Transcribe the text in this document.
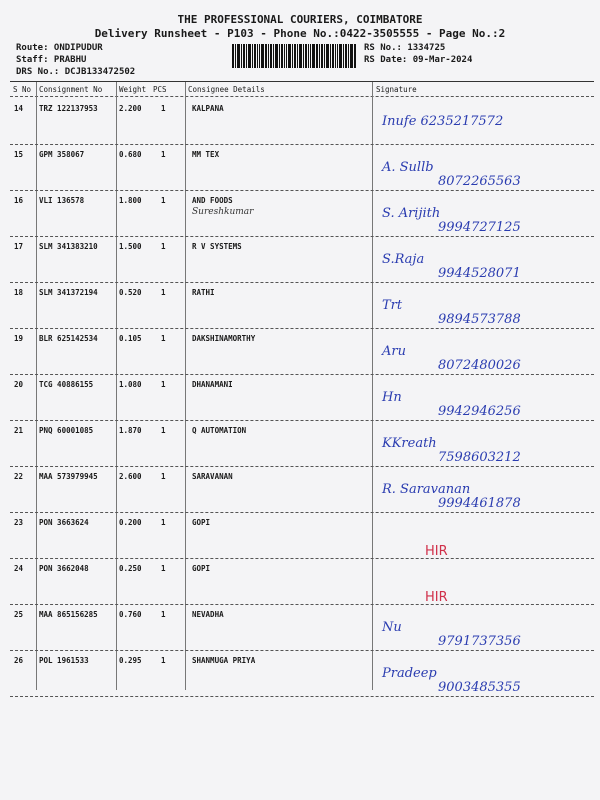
THE PROFESSIONAL COURIERS, COIMBATORE
Delivery Runsheet - P103 - Phone No.:0422-3505555 - Page No.:2
Route: ONDIPUDUR
Staff: PRABHU
DRS No.: DCJB133472502
RS No.: 1334725
RS Date: 09-Mar-2024
S No Consignment No Weight PCS	Consignee Details	Signature
14 TRZ 122137953	2.200	1	KALPANA
Inufe 6235217572
15 GPM 358067	0.680	1	MM TEX
A. Sullb
8072265563
16 VLI 136578	1.800	1	AND FOODS
Sureshkumar	S. Arijith
9994727125
17 SLM 341383210	1.500	1	R V SYSTEMS
S.Raja
9944528071
18 SLM 341372194	0.520	1	RATHI
Trt
9894573788
19 BLR 625142534	0.105	1	DAKSHINAMORTHY
Aru
8072480026
20 TCG 40886155	1.080	1	DHANAMANI
Hn
9942946256
21 PNQ 60001085	1.870	1	Q AUTOMATION
KKreath
7598603212
22 MAA 573979945	2.600	1	SARAVANAN
R. Saravanan
9994461878
23 PON 3663624	0.200	1	GOPI
HIR
24 PON 3662048	0.250	1	GOPI
HIR
25 MAA 865156285	0.760	1	NEVADHA
Nu
9791737356
26 POL 1961533	0.295	1	SHANMUGA PRIYA
Pradeep
9003485355
